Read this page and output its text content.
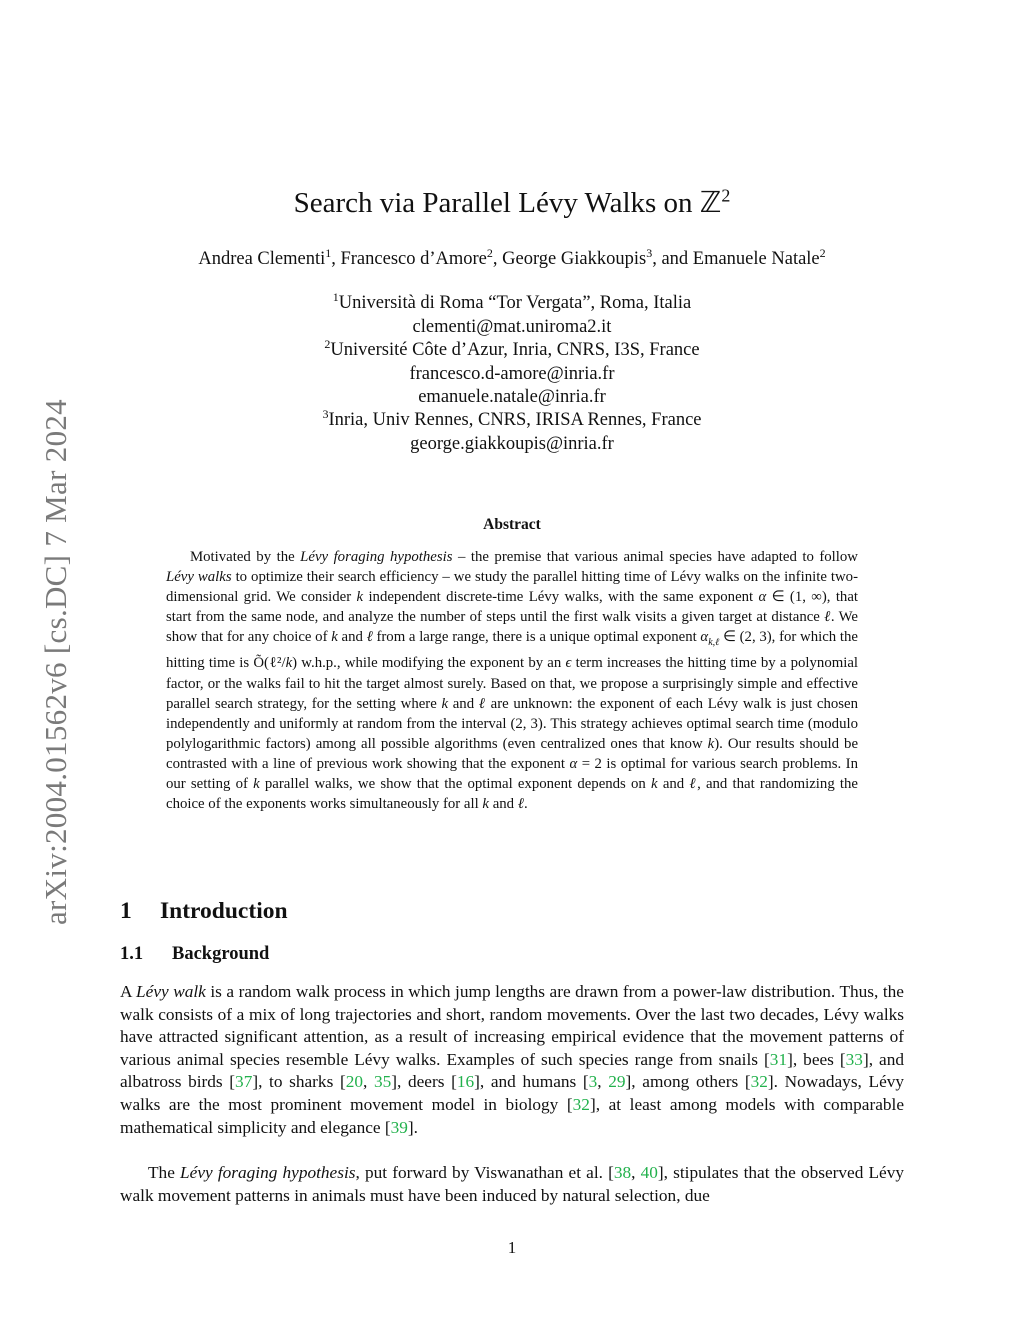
arXiv:2004.01562v6 [cs.DC] 7 Mar 2024
Search via Parallel Lévy Walks on ℤ$^2$
Andrea Clementi$^1$, Francesco d’Amore$^2$, George Giakkoupis$^3$, and Emanuele Natale$^2$
$^1$Università di Roma “Tor Vergata”, Roma, Italia
clementi@mat.uniroma2.it
$^2$Université Côte d’Azur, Inria, CNRS, I3S, France
francesco.d-amore@inria.fr
emanuele.natale@inria.fr
$^3$Inria, Univ Rennes, CNRS, IRISA Rennes, France
george.giakkoupis@inria.fr
Abstract

Motivated by the Lévy foraging hypothesis – the premise that various animal species have adapted to follow Lévy walks to optimize their search efficiency – we study the parallel hitting time of Lévy walks on the infinite two-dimensional grid. We consider k independent discrete-time Lévy walks, with the same exponent α ∈ (1, ∞), that start from the same node, and analyze the number of steps until the first walk visits a given target at distance ℓ. We show that for any choice of k and ℓ from a large range, there is a unique optimal exponent $\alpha_{k,\ell}$ ∈ (2, 3), for which the hitting time is Õ(ℓ²/k) w.h.p., while modifying the exponent by an ϵ term increases the hitting time by a polynomial factor, or the walks fail to hit the target almost surely. Based on that, we propose a surprisingly simple and effective parallel search strategy, for the setting where k and ℓ are unknown: the exponent of each Lévy walk is just chosen independently and uniformly at random from the interval (2, 3). This strategy achieves optimal search time (modulo polylogarithmic factors) among all possible algorithms (even centralized ones that know k). Our results should be contrasted with a line of previous work showing that the exponent α = 2 is optimal for various search problems. In our setting of k parallel walks, we show that the optimal exponent depends on k and ℓ, and that randomizing the choice of the exponents works simultaneously for all k and ℓ.

1 Introduction
1.1 Background

A Lévy walk is a random walk process in which jump lengths are drawn from a power-law distribution. Thus, the walk consists of a mix of long trajectories and short, random movements. Over the last two decades, Lévy walks have attracted significant attention, as a result of increasing empirical evidence that the movement patterns of various animal species resemble Lévy walks. Examples of such species range from snails [31], bees [33], and albatross birds [37], to sharks [20, 35], deers [16], and humans [3, 29], among others [32]. Nowadays, Lévy walks are the most prominent movement model in biology [32], at least among models with comparable mathematical simplicity and elegance [39].

The Lévy foraging hypothesis, put forward by Viswanathan et al. [38, 40], stipulates that the observed Lévy walk movement patterns in animals must have been induced by natural selection, due

1
